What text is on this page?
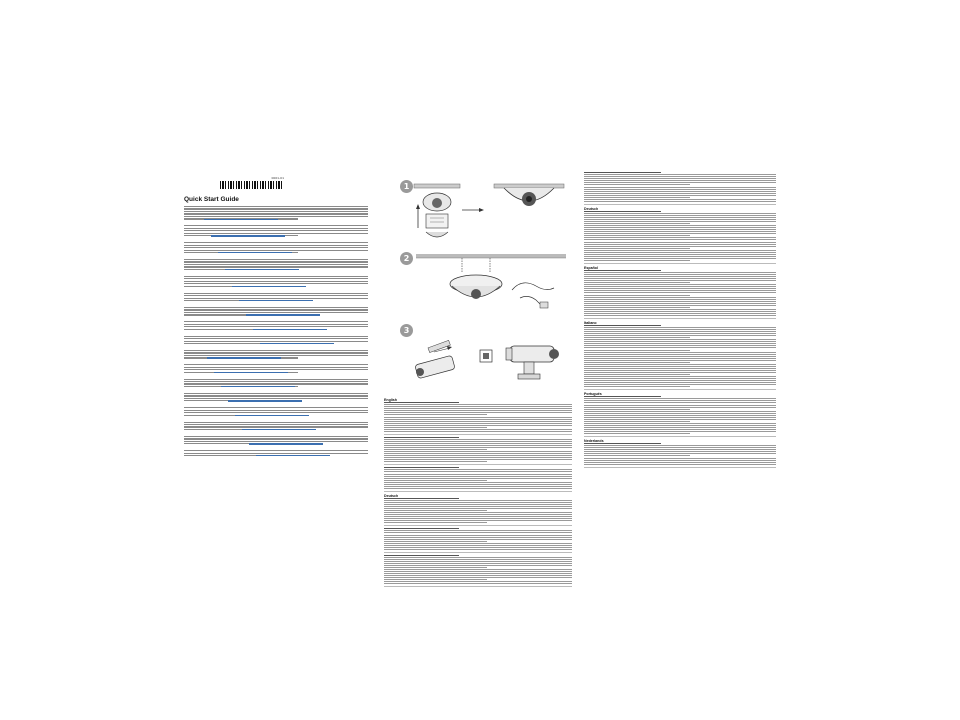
0001-01
Quick Start Guide
1
2
3
English
Deutsch
Deutsch
Español
Italiano
Português
Nederlands
